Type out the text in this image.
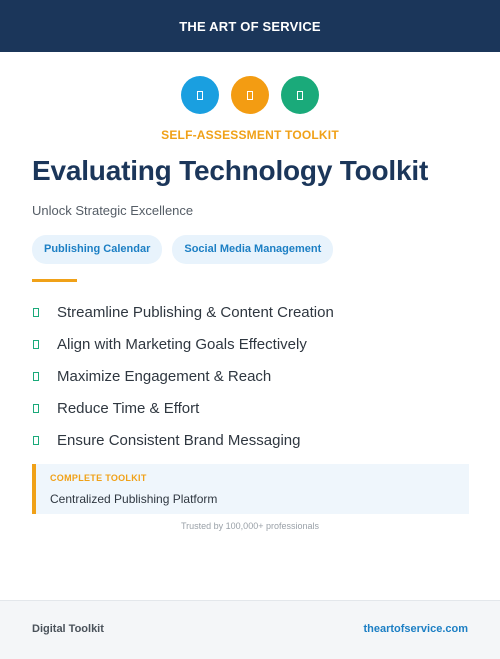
THE ART OF SERVICE
SELF-ASSESSMENT TOOLKIT
Evaluating Technology Toolkit
Unlock Strategic Excellence
Publishing Calendar	Social Media Management
Streamline Publishing & Content Creation
Align with Marketing Goals Effectively
Maximize Engagement & Reach
Reduce Time & Effort
Ensure Consistent Brand Messaging
COMPLETE TOOLKIT
Centralized Publishing Platform
Trusted by 100,000+ professionals
Digital Toolkit	theartofservice.com
